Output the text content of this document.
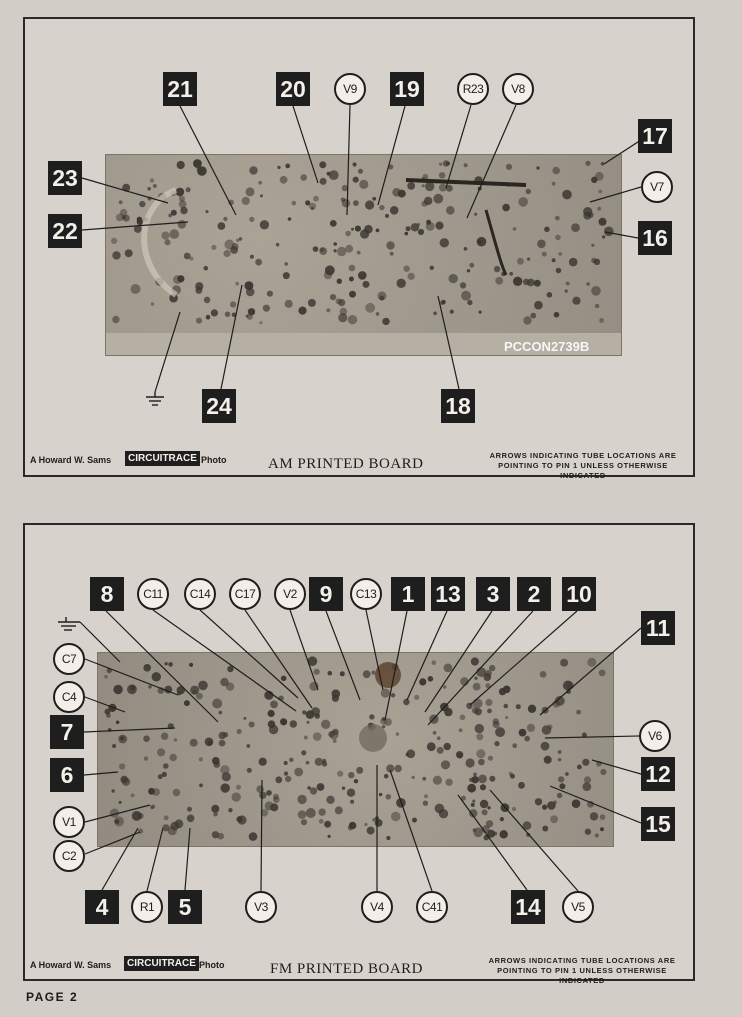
PCCON2739B
21	20	V9	19	R23	V8
17
23	V7
22	16
24	18
A Howard W. Sams	CIRCUITRACE Photo	AM PRINTED BOARD
ARROWS INDICATING TUBE LOCATIONS ARE
POINTING TO PIN 1 UNLESS OTHERWISE INDICATED
8	C11	C14	C17	V2 9	C13	1 13	3	2	10
C7
C4
7
6
V1
C2
11
V6
12
15
4	R1	5	V3	V4	C41	14	V5
A Howard W. Sams	CIRCUITRACE Photo	FM PRINTED BOARD
ARROWS INDICATING TUBE LOCATIONS ARE
POINTING TO PIN 1 UNLESS OTHERWISE INDICATED
PAGE 2
